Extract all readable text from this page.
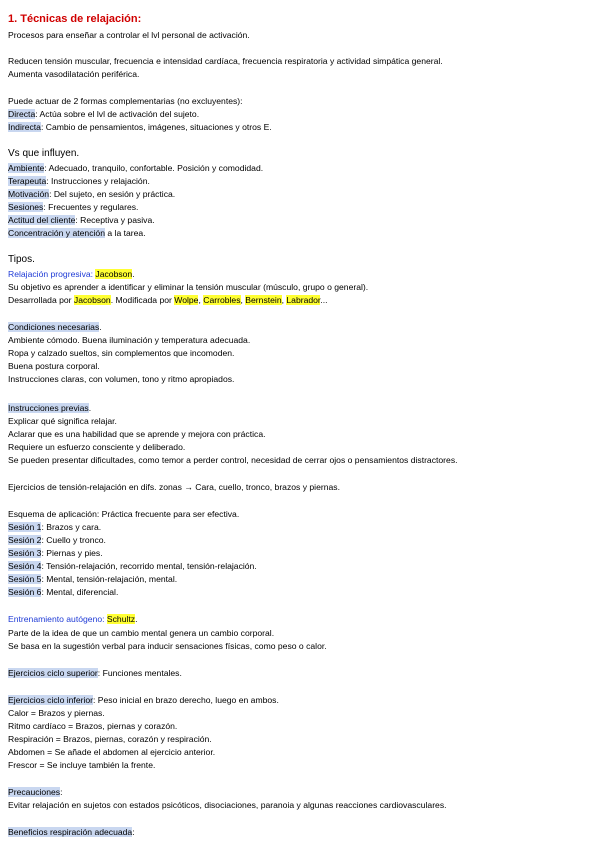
1. Técnicas de relajación:
Procesos para enseñar a controlar el lvl personal de activación.
Reducen tensión muscular, frecuencia e intensidad cardíaca, frecuencia respiratoria y actividad simpática general.
Aumenta vasodilatación periférica.
Puede actuar de 2 formas complementarias (no excluyentes):
Directa: Actúa sobre el lvl de activación del sujeto.
Indirecta: Cambio de pensamientos, imágenes, situaciones y otros E.
Vs que influyen.
Ambiente: Adecuado, tranquilo, confortable. Posición y comodidad.
Terapeuta: Instrucciones y relajación.
Motivación: Del sujeto, en sesión y práctica.
Sesiones: Frecuentes y regulares.
Actitud del cliente: Receptiva y pasiva.
Concentración y atención a la tarea.
Tipos.
Relajación progresiva: Jacobson.
Su objetivo es aprender a identificar y eliminar la tensión muscular (músculo, grupo o general).
Desarrollada por Jacobson. Modificada por Wolpe, Carrobles, Bernstein, Labrador...
Condiciones necesarias.
Ambiente cómodo. Buena iluminación y temperatura adecuada.
Ropa y calzado sueltos, sin complementos que incomoden.
Buena postura corporal.
Instrucciones claras, con volumen, tono y ritmo apropiados.
Instrucciones previas.
Explicar qué significa relajar.
Aclarar que es una habilidad que se aprende y mejora con práctica.
Requiere un esfuerzo consciente y deliberado.
Se pueden presentar dificultades, como temor a perder control, necesidad de cerrar ojos o pensamientos distractores.
Ejercicios de tensión-relajación en difs. zonas → Cara, cuello, tronco, brazos y piernas.
Esquema de aplicación: Práctica frecuente para ser efectiva.
Sesión 1: Brazos y cara.
Sesión 2: Cuello y tronco.
Sesión 3: Piernas y pies.
Sesión 4: Tensión-relajación, recorrido mental, tensión-relajación.
Sesión 5: Mental, tensión-relajación, mental.
Sesión 6: Mental, diferencial.
Entrenamiento autógeno: Schultz.
Parte de la idea de que un cambio mental genera un cambio corporal.
Se basa en la sugestión verbal para inducir sensaciones físicas, como peso o calor.
Ejercicios ciclo superior: Funciones mentales.
Ejercicios ciclo inferior: Peso inicial en brazo derecho, luego en ambos.
Calor = Brazos y piernas.
Ritmo cardíaco = Brazos, piernas y corazón.
Respiración = Brazos, piernas, corazón y respiración.
Abdomen = Se añade el abdomen al ejercicio anterior.
Frescor = Se incluye también la frente.
Precauciones:
Evitar relajación en sujetos con estados psicóticos, disociaciones, paranoia y algunas reacciones cardiovasculares.
Beneficios respiración adecuada:
